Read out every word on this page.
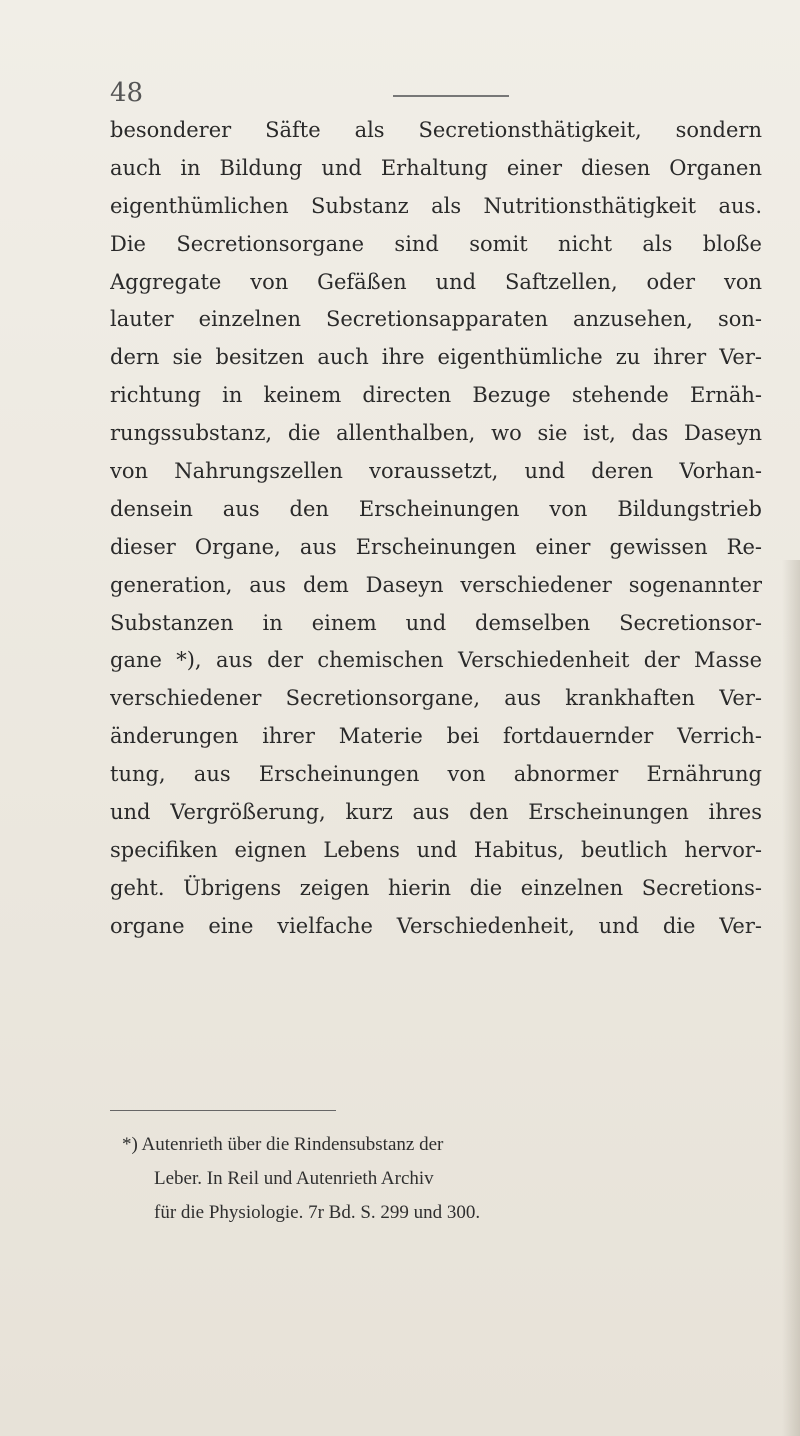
48
besonderer Säfte als Secretionsthätigkeit, sondern
auch in Bildung und Erhaltung einer diesen Organen
eigenthümlichen Substanz als Nutritionsthätigkeit aus.
Die Secretionsorgane sind somit nicht als bloße
Aggregate von Gefäßen und Saftzellen, oder von
lauter einzelnen Secretionsapparaten anzusehen, son-
dern sie besitzen auch ihre eigenthümliche zu ihrer Ver-
richtung in keinem directen Bezuge stehende Ernäh-
rungssubstanz, die allenthalben, wo sie ist, das Daseyn
von Nahrungszellen voraussetzt, und deren Vorhan-
densein aus den Erscheinungen von Bildungstrieb
dieser Organe, aus Erscheinungen einer gewissen Re-
generation, aus dem Daseyn verschiedener sogenannter
Substanzen in einem und demselben Secretionsor-
gane *), aus der chemischen Verschiedenheit der Masse
verschiedener Secretionsorgane, aus krankhaften Ver-
änderungen ihrer Materie bei fortdauernder Verrich-
tung, aus Erscheinungen von abnormer Ernährung
und Vergrößerung, kurz aus den Erscheinungen ihres
specifiken eignen Lebens und Habitus, beutlich hervor-
geht. Übrigens zeigen hierin die einzelnen Secretions-
organe eine vielfache Verschiedenheit, und die Ver-
*) Autenrieth über die Rindensubstanz der
Leber. In Reil und Autenrieth Archiv
für die Physiologie. 7r Bd. S. 299 und 300.
